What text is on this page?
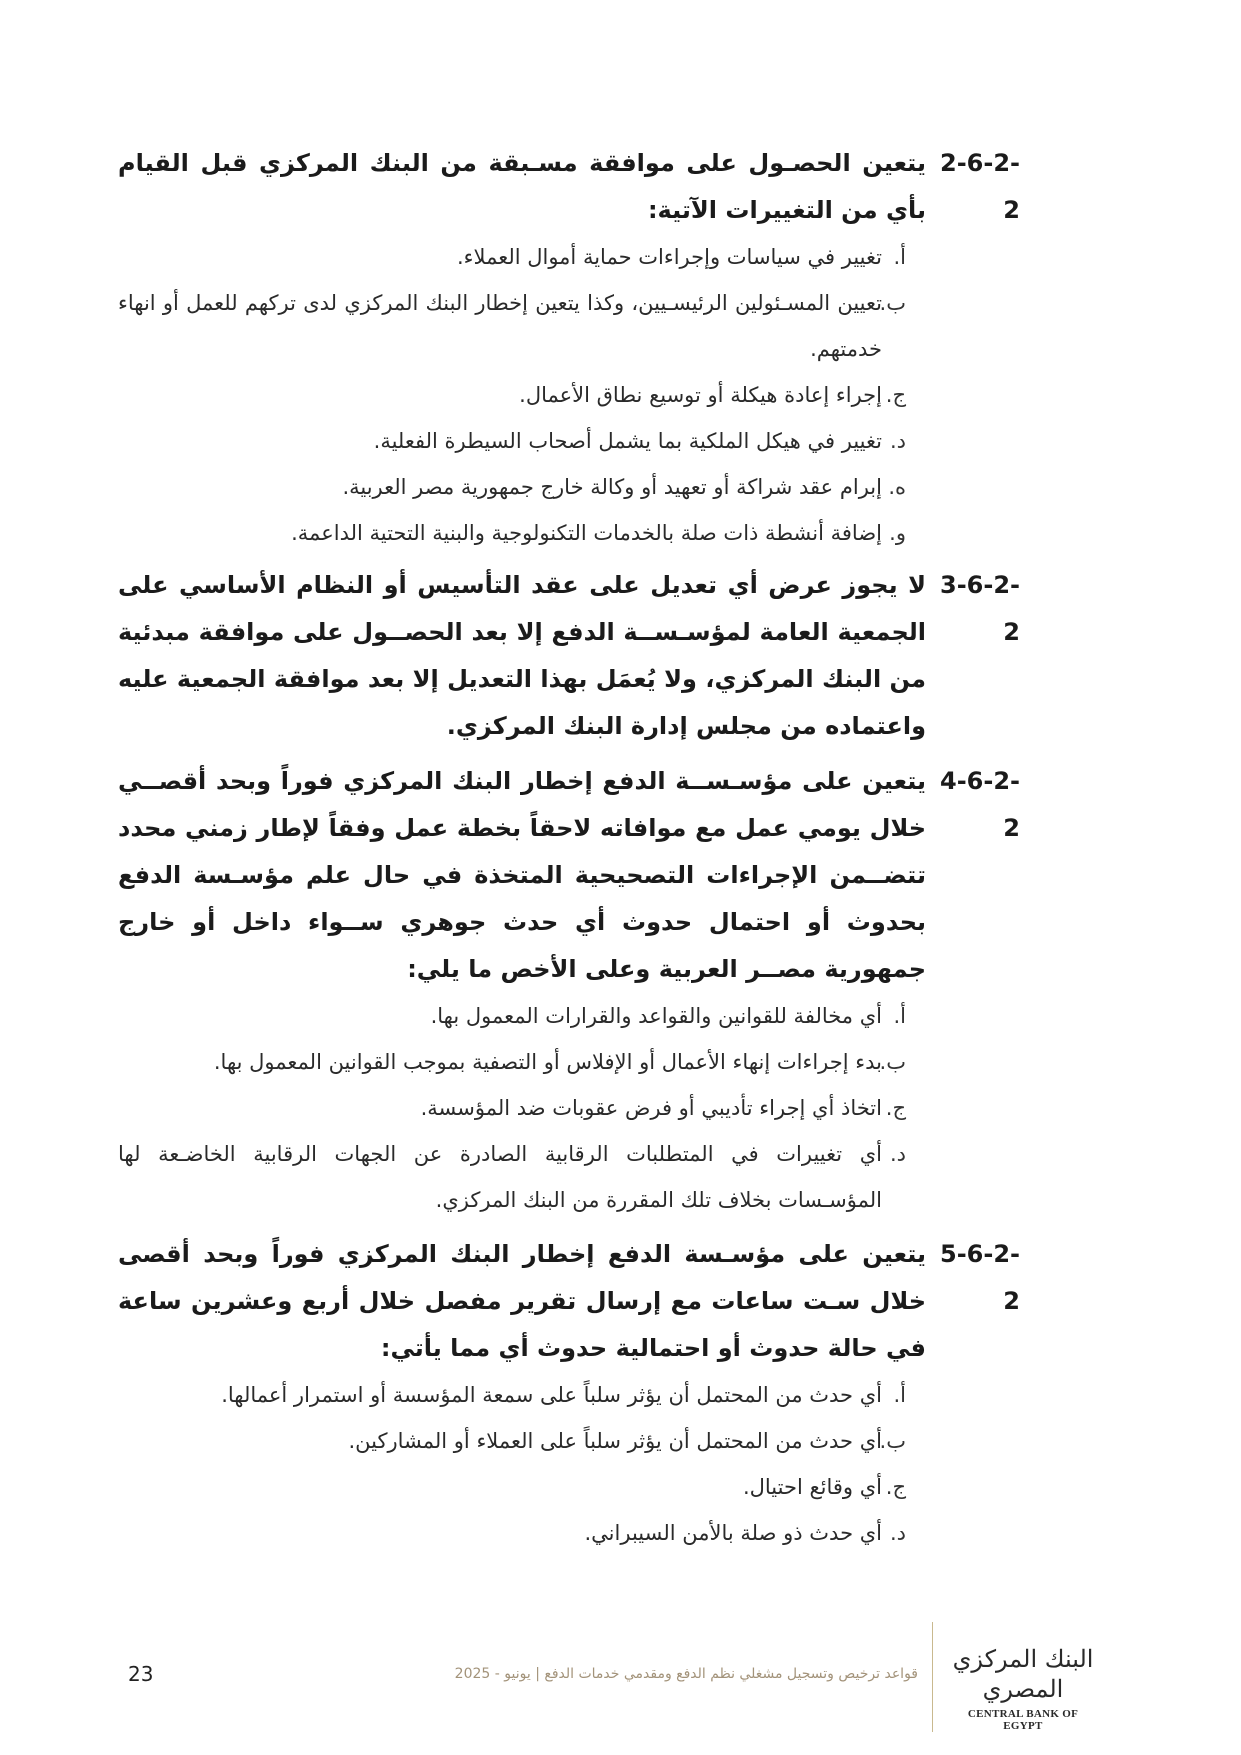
2-6-2-2

يتعين الحصـول على موافقة مسـبقة من البنك المركزي قبل القيام بأي من التغييرات الآتية:

أ.

تغيير في سياسات وإجراءات حماية أموال العملاء.

ب.

تعيين المسـئولين الرئيسـيين، وكذا يتعين إخطار البنك المركزي لدى تركهم للعمل أو انهاء خدمتهم.

ج.

إجراء إعادة هيكلة أو توسيع نطاق الأعمال.

د.

تغيير في هيكل الملكية بما يشمل أصحاب السيطرة الفعلية.

ه.

إبرام عقد شراكة أو تعهيد أو وكالة خارج جمهورية مصر العربية.

و.

إضافة أنشطة ذات صلة بالخدمات التكنولوجية والبنية التحتية الداعمة.

3-6-2-2

لا يجوز عرض أي تعديل على عقد التأسيس أو النظام الأساسي على الجمعية العامة لمؤسـســة الدفع إلا بعد الحصــول على موافقة مبدئية من البنك المركزي، ولا يُعمَل بهذا التعديل إلا بعد موافقة الجمعية عليه واعتماده من مجلس إدارة البنك المركزي.

4-6-2-2

يتعين على مؤسـســة الدفع إخطار البنك المركزي فوراً وبحد أقصــي خلال يومي عمل مع موافاته لاحقاً بخطة عمل وفقاً لإطار زمني محدد تتضــمن الإجراءات التصحيحية المتخذة في حال علم مؤسـسة الدفع بحدوث أو احتمال حدوث أي حدث جوهري ســواء داخل أو خارج جمهورية مصــر العربية وعلى الأخص ما يلي:

أ.

أي مخالفة للقوانين والقواعد والقرارات المعمول بها.

ب.

بدء إجراءات إنهاء الأعمال أو الإفلاس أو التصفية بموجب القوانين المعمول بها.

ج.

اتخاذ أي إجراء تأديبي أو فرض عقوبات ضد المؤسسة.

د.

أي تغييرات في المتطلبات الرقابية الصادرة عن الجهات الرقابية الخاضـعة لها المؤسـسات بخلاف تلك المقررة من البنك المركزي.

5-6-2-2

يتعين على مؤسـسة الدفع إخطار البنك المركزي فوراً وبحد أقصى خلال سـت ساعات مع إرسال تقرير مفصل خلال أربع وعشرين ساعة في حالة حدوث أو احتمالية حدوث أي مما يأتي:

أ.

أي حدث من المحتمل أن يؤثر سلباً على سمعة المؤسسة أو استمرار أعمالها.

ب.

أي حدث من المحتمل أن يؤثر سلباً على العملاء أو المشاركين.

ج.

أي وقائع احتيال.

د.

أي حدث ذو صلة بالأمن السيبراني.

23	قواعد ترخيص وتسجيل مشغلي نظم الدفع ومقدمي خدمات الدفع | يونيو - 2025
البنك المركزي المصري
CENTRAL BANK OF EGYPT
